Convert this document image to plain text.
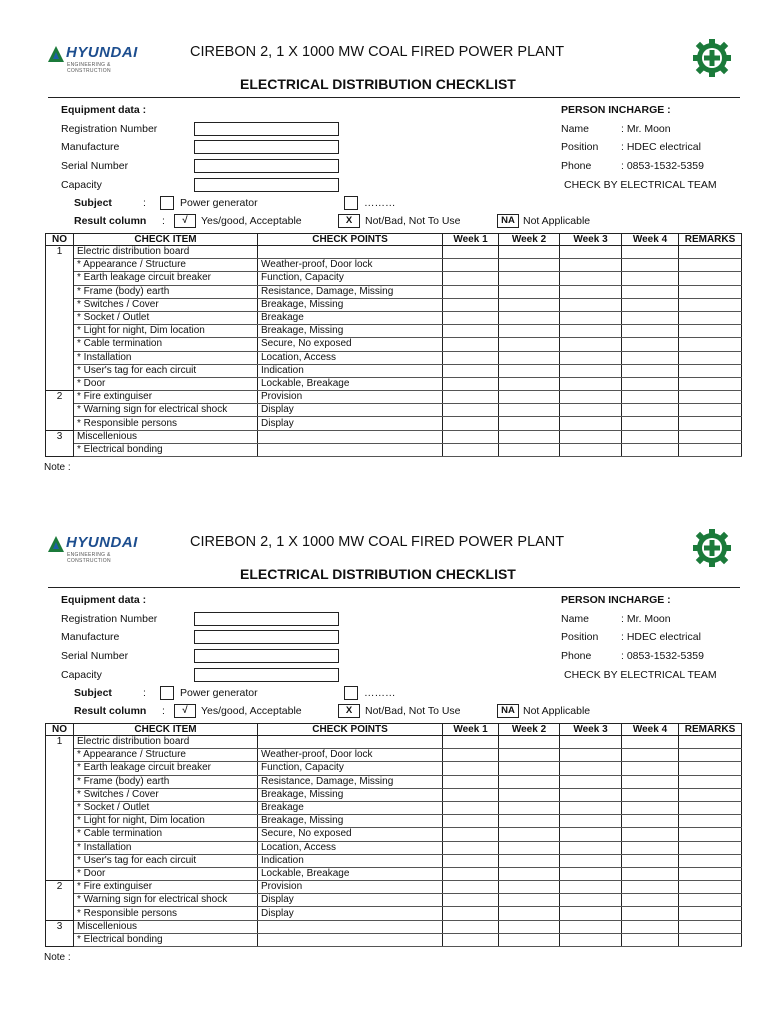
HYUNDAI
ENGINEERING & CONSTRUCTION
CIREBON 2, 1 X 1000 MW COAL FIRED POWER PLANT
ELECTRICAL DISTRIBUTION CHECKLIST
Equipment data :
Registration Number
Manufacture
Serial Number
Capacity
PERSON INCHARGE :
Name	: Mr. Moon
Position : HDEC electrical
Phone	: 0853-1532-5359
CHECK BY ELECTRICAL TEAM
Subject	:	Power generator	………
Result column :	√	Yes/good, Acceptable	X	Not/Bad, Not To Use	NA Not Applicable
NO	CHECK ITEM	CHECK POINTS	Week 1	Week 2	Week 3	Week 4	REMARKS
1	Electric distribution board						
	* Appearance / Structure	Weather-proof, Door lock					
	* Earth leakage circuit breaker	Function, Capacity					
	* Frame (body) earth	Resistance, Damage, Missing					
	* Switches / Cover	Breakage, Missing					
	* Socket / Outlet	Breakage					
	* Light for night, Dim location	Breakage, Missing					
	* Cable termination	Secure, No exposed					
	* Installation	Location, Access					
	* User's tag for each circuit	Indication					
	* Door	Lockable, Breakage					
2	* Fire extinguiser	Provision					
	* Warning sign for electrical shock	Display					
	* Responsible persons	Display					
3	Miscellenious						
	* Electrical bonding						
Note :
HYUNDAI
ENGINEERING & CONSTRUCTION
CIREBON 2, 1 X 1000 MW COAL FIRED POWER PLANT
ELECTRICAL DISTRIBUTION CHECKLIST
Equipment data :
Registration Number
Manufacture
Serial Number
Capacity
PERSON INCHARGE :
Name	: Mr. Moon
Position : HDEC electrical
Phone	: 0853-1532-5359
CHECK BY ELECTRICAL TEAM
Subject	:	Power generator	………
Result column :	√	Yes/good, Acceptable	X	Not/Bad, Not To Use	NA Not Applicable
NO	CHECK ITEM	CHECK POINTS	Week 1	Week 2	Week 3	Week 4	REMARKS
1	Electric distribution board						
	* Appearance / Structure	Weather-proof, Door lock					
	* Earth leakage circuit breaker	Function, Capacity					
	* Frame (body) earth	Resistance, Damage, Missing					
	* Switches / Cover	Breakage, Missing					
	* Socket / Outlet	Breakage					
	* Light for night, Dim location	Breakage, Missing					
	* Cable termination	Secure, No exposed					
	* Installation	Location, Access					
	* User's tag for each circuit	Indication					
	* Door	Lockable, Breakage					
2	* Fire extinguiser	Provision					
	* Warning sign for electrical shock	Display					
	* Responsible persons	Display					
3	Miscellenious						
	* Electrical bonding						
Note :
